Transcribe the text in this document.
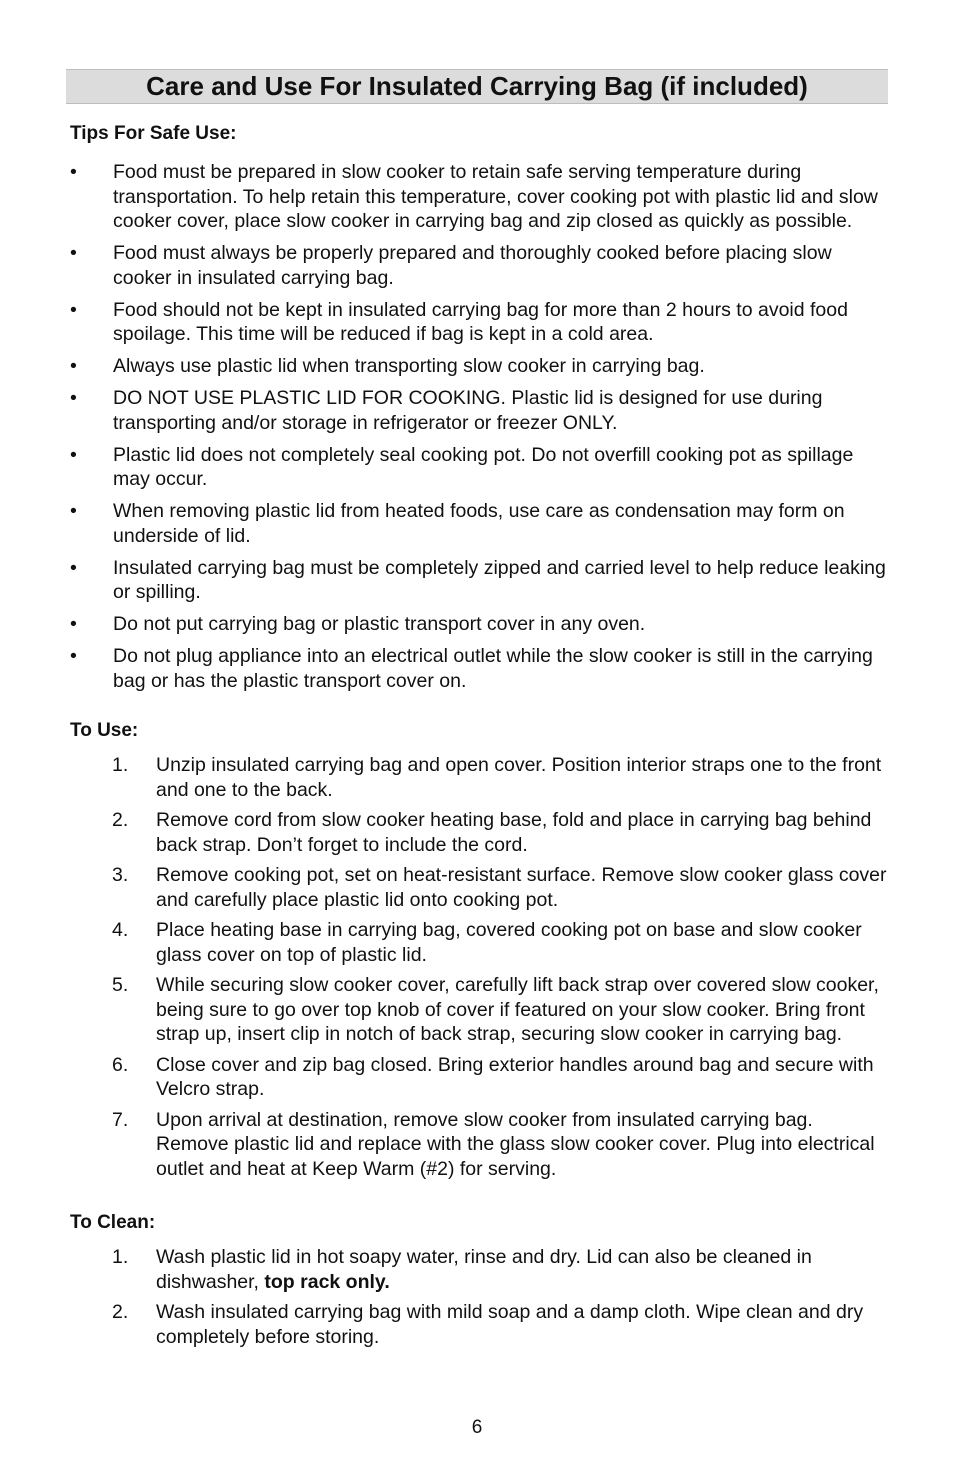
Care and Use For Insulated Carrying Bag (if included)
Tips For Safe Use:
•	Food must be prepared in slow cooker to retain safe serving temperature during transportation. To help retain this temperature, cover cooking pot with plastic lid and slow cooker cover, place slow cooker in carrying bag and zip closed as quickly as possible.
•	Food must always be properly prepared and thoroughly cooked before placing slow cooker in insulated carrying bag.
•	Food should not be kept in insulated carrying bag for more than 2 hours to avoid food spoilage. This time will be reduced if bag is kept in a cold area.
•	Always use plastic lid when transporting slow cooker in carrying bag.
•	DO NOT USE PLASTIC LID FOR COOKING. Plastic lid is designed for use during transporting and/or storage in refrigerator or freezer ONLY.
•	Plastic lid does not completely seal cooking pot. Do not overfill cooking pot as spillage may occur.
•	When removing plastic lid from heated foods, use care as condensation may form on underside of lid.
•	Insulated carrying bag must be completely zipped and carried level to help reduce leaking or spilling.
•	Do not put carrying bag or plastic transport cover in any oven.
•	Do not plug appliance into an electrical outlet while the slow cooker is still in the carrying bag or has the plastic transport cover on.
To Use:
1.	Unzip insulated carrying bag and open cover. Position interior straps one to the front and one to the back.
2.	Remove cord from slow cooker heating base, fold and place in carrying bag behind back strap. Don’t forget to include the cord.
3.	Remove cooking pot, set on heat-resistant surface. Remove slow cooker glass cover and carefully place plastic lid onto cooking pot.
4.	Place heating base in carrying bag, covered cooking pot on base and slow cooker glass cover on top of plastic lid.
5.	While securing slow cooker cover, carefully lift back strap over covered slow cooker, being sure to go over top knob of cover if featured on your slow cooker. Bring front strap up, insert clip in notch of back strap, securing slow cooker in carrying bag.
6.	Close cover and zip bag closed. Bring exterior handles around bag and secure with Velcro strap.
7.	Upon arrival at destination, remove slow cooker from insulated carrying bag. Remove plastic lid and replace with the glass slow cooker cover. Plug into electrical outlet and heat at Keep Warm (#2) for serving.
To Clean:
1.	Wash plastic lid in hot soapy water, rinse and dry. Lid can also be cleaned in dishwasher, top rack only.
2.	Wash insulated carrying bag with mild soap and a damp cloth. Wipe clean and dry completely before storing.
6
